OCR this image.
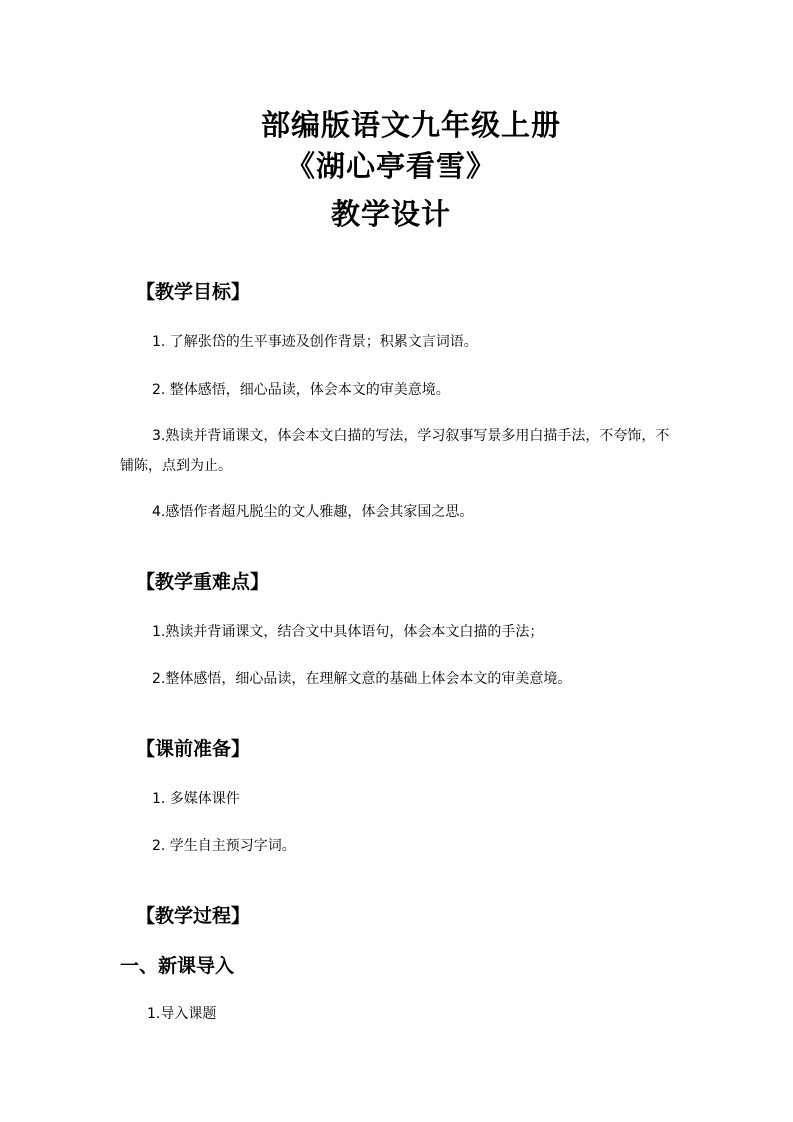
部编版语文九年级上册
《湖心亭看雪》
教学设计
【教学目标】
1. 了解张岱的生平事迹及创作背景；积累文言词语。
2. 整体感悟，细心品读，体会本文的审美意境。
3.熟读并背诵课文，体会本文白描的写法，学习叙事写景多用白描手法，不夸饰，不铺陈，点到为止。
4.感悟作者超凡脱尘的文人雅趣，体会其家国之思。
【教学重难点】
1.熟读并背诵课文，结合文中具体语句，体会本文白描的手法；
2.整体感悟，细心品读，在理解文意的基础上体会本文的审美意境。
【课前准备】
1. 多媒体课件
2. 学生自主预习字词。
【教学过程】
一、新课导入
1.导入课题
